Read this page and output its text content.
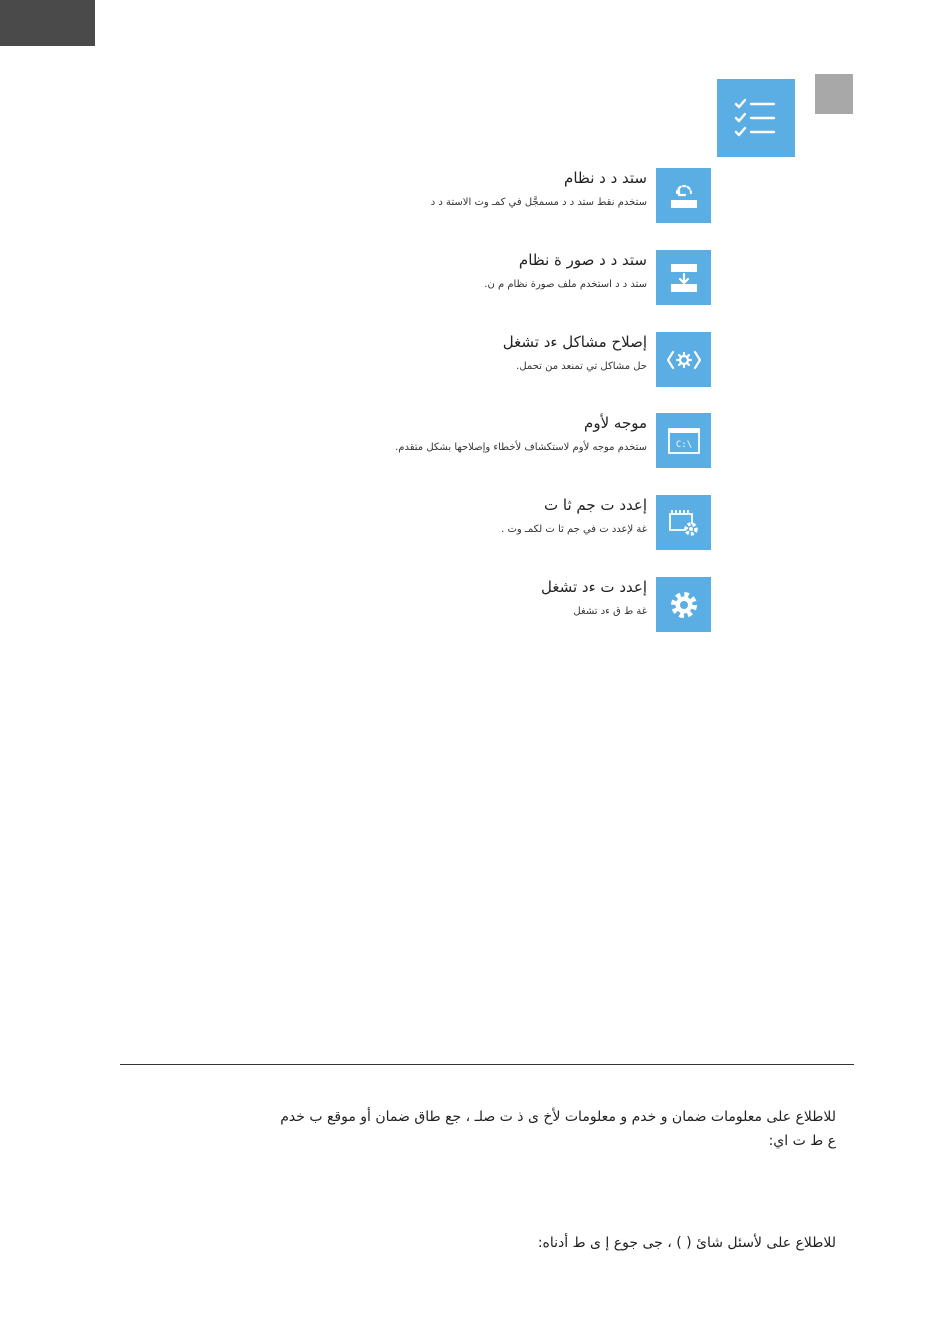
ستد د د نظام
ستخدم نقط ستد د د مسمجَّل في كمـ وت الاستة د د
ستد د د صور ة نظام
ستد د د استخدم ملف صورة نظام م ن.
إصلاح مشاكل ءد تشغل
حل مشاكل تي تمنعد من تحمل.
C:\
موجه لأوم
ستخدم موجه لأوم لاستكشاف لأخطاء وإصلاحها بشكل متقدم.
إعدد ت جم ثا ت
غة لإعدد ت في جم ثا ت لكمـ وت .
إعدد ت ءد تشغل
غة ط ق ءد تشغل
للاطلاع على معلومات ضمان و خدم و معلومات لأخ ى ذ ت صلـ ، جع طاق ضمان أو موقع ب خدم
ع ط ت اي:
للاطلاع على لأسئل شائ ( ) ، جى جوع إ ى ط أدناه:
